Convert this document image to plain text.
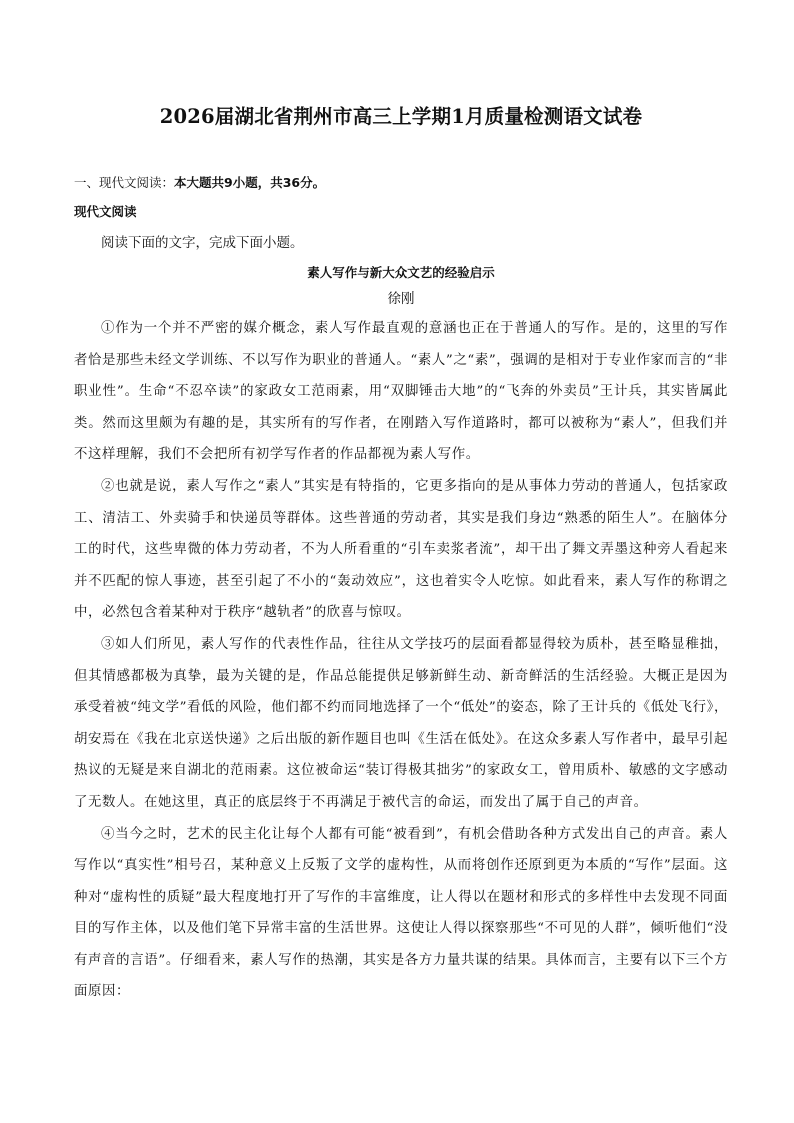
2026届湖北省荆州市高三上学期1月质量检测语文试卷
一、现代文阅读：本大题共9小题，共36分。
现代文阅读
阅读下面的文字，完成下面小题。
素人写作与新大众文艺的经验启示
徐刚

①作为一个并不严密的媒介概念，素人写作最直观的意涵也正在于普通人的写作。是的，这里的写作者恰是那些未经文学训练、不以写作为职业的普通人。“素人”之“素”，强调的是相对于专业作家而言的“非职业性”。生命“不忍卒读”的家政女工范雨素，用“双脚锤击大地”的“飞奔的外卖员”王计兵，其实皆属此类。然而这里颇为有趣的是，其实所有的写作者，在刚踏入写作道路时，都可以被称为“素人”，但我们并不这样理解，我们不会把所有初学写作者的作品都视为素人写作。

②也就是说，素人写作之“素人”其实是有特指的，它更多指向的是从事体力劳动的普通人，包括家政工、清洁工、外卖骑手和快递员等群体。这些普通的劳动者，其实是我们身边“熟悉的陌生人”。在脑体分工的时代，这些卑微的体力劳动者，不为人所看重的“引车卖浆者流”，却干出了舞文弄墨这种旁人看起来并不匹配的惊人事迹，甚至引起了不小的“轰动效应”，这也着实令人吃惊。如此看来，素人写作的称谓之中，必然包含着某种对于秩序“越轨者”的欣喜与惊叹。

③如人们所见，素人写作的代表性作品，往往从文学技巧的层面看都显得较为质朴，甚至略显稚拙，但其情感都极为真挚，最为关键的是，作品总能提供足够新鲜生动、新奇鲜活的生活经验。大概正是因为承受着被“纯文学”看低的风险，他们都不约而同地选择了一个“低处”的姿态，除了王计兵的《低处飞行》，胡安焉在《我在北京送快递》之后出版的新作题目也叫《生活在低处》。在这众多素人写作者中，最早引起热议的无疑是来自湖北的范雨素。这位被命运“装订得极其拙劣”的家政女工，曾用质朴、敏感的文字感动了无数人。在她这里，真正的底层终于不再满足于被代言的命运，而发出了属于自己的声音。

④当今之时，艺术的民主化让每个人都有可能“被看到”，有机会借助各种方式发出自己的声音。素人写作以“真实性”相号召，某种意义上反叛了文学的虚构性，从而将创作还原到更为本质的“写作”层面。这种对“虚构性的质疑”最大程度地打开了写作的丰富维度，让人得以在题材和形式的多样性中去发现不同面目的写作主体，以及他们笔下异常丰富的生活世界。这使让人得以探察那些“不可见的人群”，倾听他们“没有声音的言语”。仔细看来，素人写作的热潮，其实是各方力量共谋的结果。具体而言，主要有以下三个方面原因：
